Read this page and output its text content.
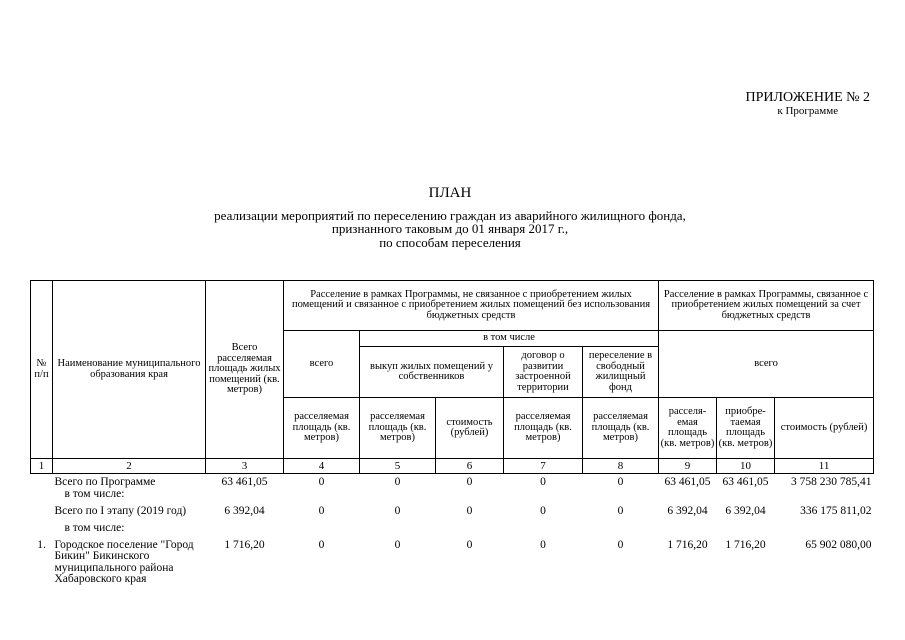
ПРИЛОЖЕНИЕ № 2
к Программе
ПЛАН
реализации мероприятий по переселению граждан из аварийного жилищного фонда,
признанного таковым до 01 января 2017 г.,
по способам переселения
№ п/п	Наименование муниципального образования края	Всего расселяемая площадь жилых помещений (кв. метров)	Расселение в рамках Программы, не связанное с приобретением жилых помещений и связанное с приобретением жилых помещений без использования бюджетных средств					Расселение в рамках Программы, связанное с приобретением жилых помещений за счет бюджетных средств		
			всего	в том числе				всего		
				выкуп жилых помещений у собственников		договор о развитии застроенной территории	переселение в свободный жилищный фонд			
			расселяемая площадь (кв. метров)	расселяемая площадь (кв. метров)	стоимость (рублей)	расселяемая площадь (кв. метров)	расселяемая площадь (кв. метров)	расселя-емая площадь (кв. метров)	приобре-таемая площадь (кв. метров)	стоимость (рублей)
1	2	3	4	5	6	7	8	9	10	11
	Всего по Программе	63 461,05	0	0	0	0	0	63 461,05	63 461,05	3 758 230 785,41
	в том числе:									
	Всего по I этапу (2019 год)	6 392,04	0	0	0	0	0	6 392,04	6 392,04	336 175 811,02
	в том числе:									
1.	Городское поселение "Город Бикин" Бикинского муниципального района Хабаровского края	1 716,20	0	0	0	0	0	1 716,20	1 716,20	65 902 080,00
